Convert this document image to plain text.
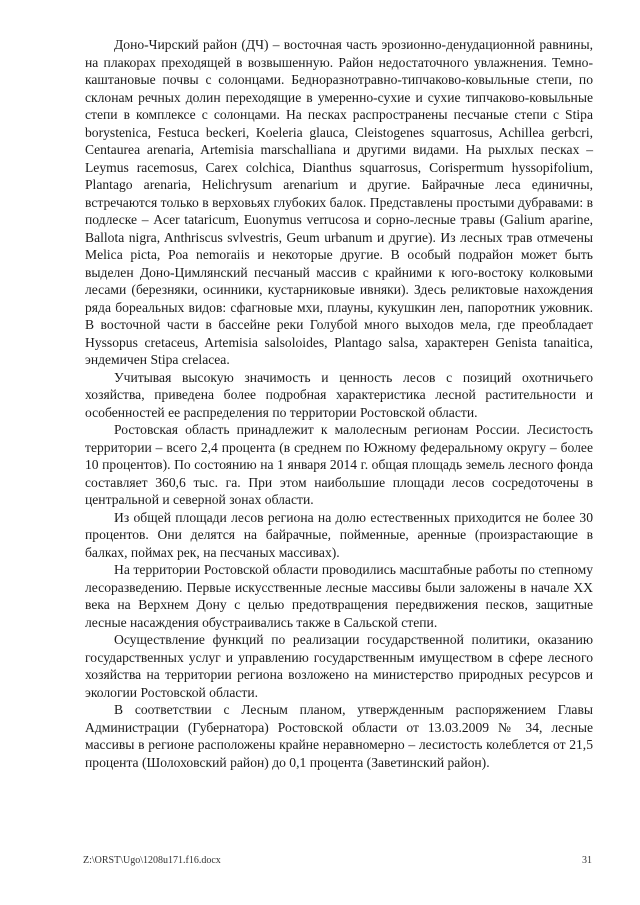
Доно-Чирский район (ДЧ) – восточная часть эрозионно-денудационной равнины, на плакорах преходящей в возвышенную. Район недостаточного увлажнения. Темно-каштановые почвы с солонцами. Бедноразнотравно-типчаково-ковыльные степи, по склонам речных долин переходящие в умеренно-сухие и сухие типчаково-ковыльные степи в комплексе с солонцами. На песках распространены песчаные степи с Stipa borystenica, Festuca beckeri, Koeleria glauca, Cleistogenes squarrosus, Achillea gerbcri, Centaurea arenaria, Artemisia marschalliana и другими видами. На рыхлых песках – Leymus racemosus, Carex colchica, Dianthus squarrosus, Corispermum hyssopifolium, Plantago arenaria, Helichrysum arenarium и другие. Байрачные леса единичны, встречаются только в верховьях глубоких балок. Представлены простыми дубравами: в подлеске – Acer tataricum, Euonymus verrucosa и сорно-лесные травы (Galium aparine, Ballota nigra, Anthriscus svlvestris, Geum urbanum и другие). Из лесных трав отмечены Melica picta, Poa nemoraiis и некоторые другие. В особый подрайон может быть выделен Доно-Цимлянский песчаный массив с крайними к юго-востоку колковыми лесами (березняки, осинники, кустарниковые ивняки). Здесь реликтовые нахождения ряда бореальных видов: сфагновые мхи, плауны, кукушкин лен, папоротник ужовник. В восточной части в бассейне реки Голубой много выходов мела, где преобладает Hyssopus cretaceus, Artemisia salsoloides, Plantago salsa, характерен Genista tanaitica, эндемичен Stipa crelacea.

Учитывая высокую значимость и ценность лесов с позиций охотничьего хозяйства, приведена более подробная характеристика лесной растительности и особенностей ее распределения по территории Ростовской области.

Ростовская область принадлежит к малолесным регионам России. Лесистость территории – всего 2,4 процента (в среднем по Южному федеральному округу – более 10 процентов). По состоянию на 1 января 2014 г. общая площадь земель лесного фонда составляет 360,6 тыс. га. При этом наибольшие площади лесов сосредоточены в центральной и северной зонах области.

Из общей площади лесов региона на долю естественных приходится не более 30 процентов. Они делятся на байрачные, пойменные, аренные (произрастающие в балках, поймах рек, на песчаных массивах).

На территории Ростовской области проводились масштабные работы по степному лесоразведению. Первые искусственные лесные массивы были заложены в начале XX века на Верхнем Дону с целью предотвращения передвижения песков, защитные лесные насаждения обустраивались также в Сальской степи.

Осуществление функций по реализации государственной политики, оказанию государственных услуг и управлению государственным имуществом в сфере лесного хозяйства на территории региона возложено на министерство природных ресурсов и экологии Ростовской области.

В соответствии с Лесным планом, утвержденным распоряжением Главы Администрации (Губернатора) Ростовской области от 13.03.2009 № 34, лесные массивы в регионе расположены крайне неравномерно – лесистость колеблется от 21,5 процента (Шолоховский район) до 0,1 процента (Заветинский район).

Z:\ORST\Ugo\1208u171.f16.docx	31
